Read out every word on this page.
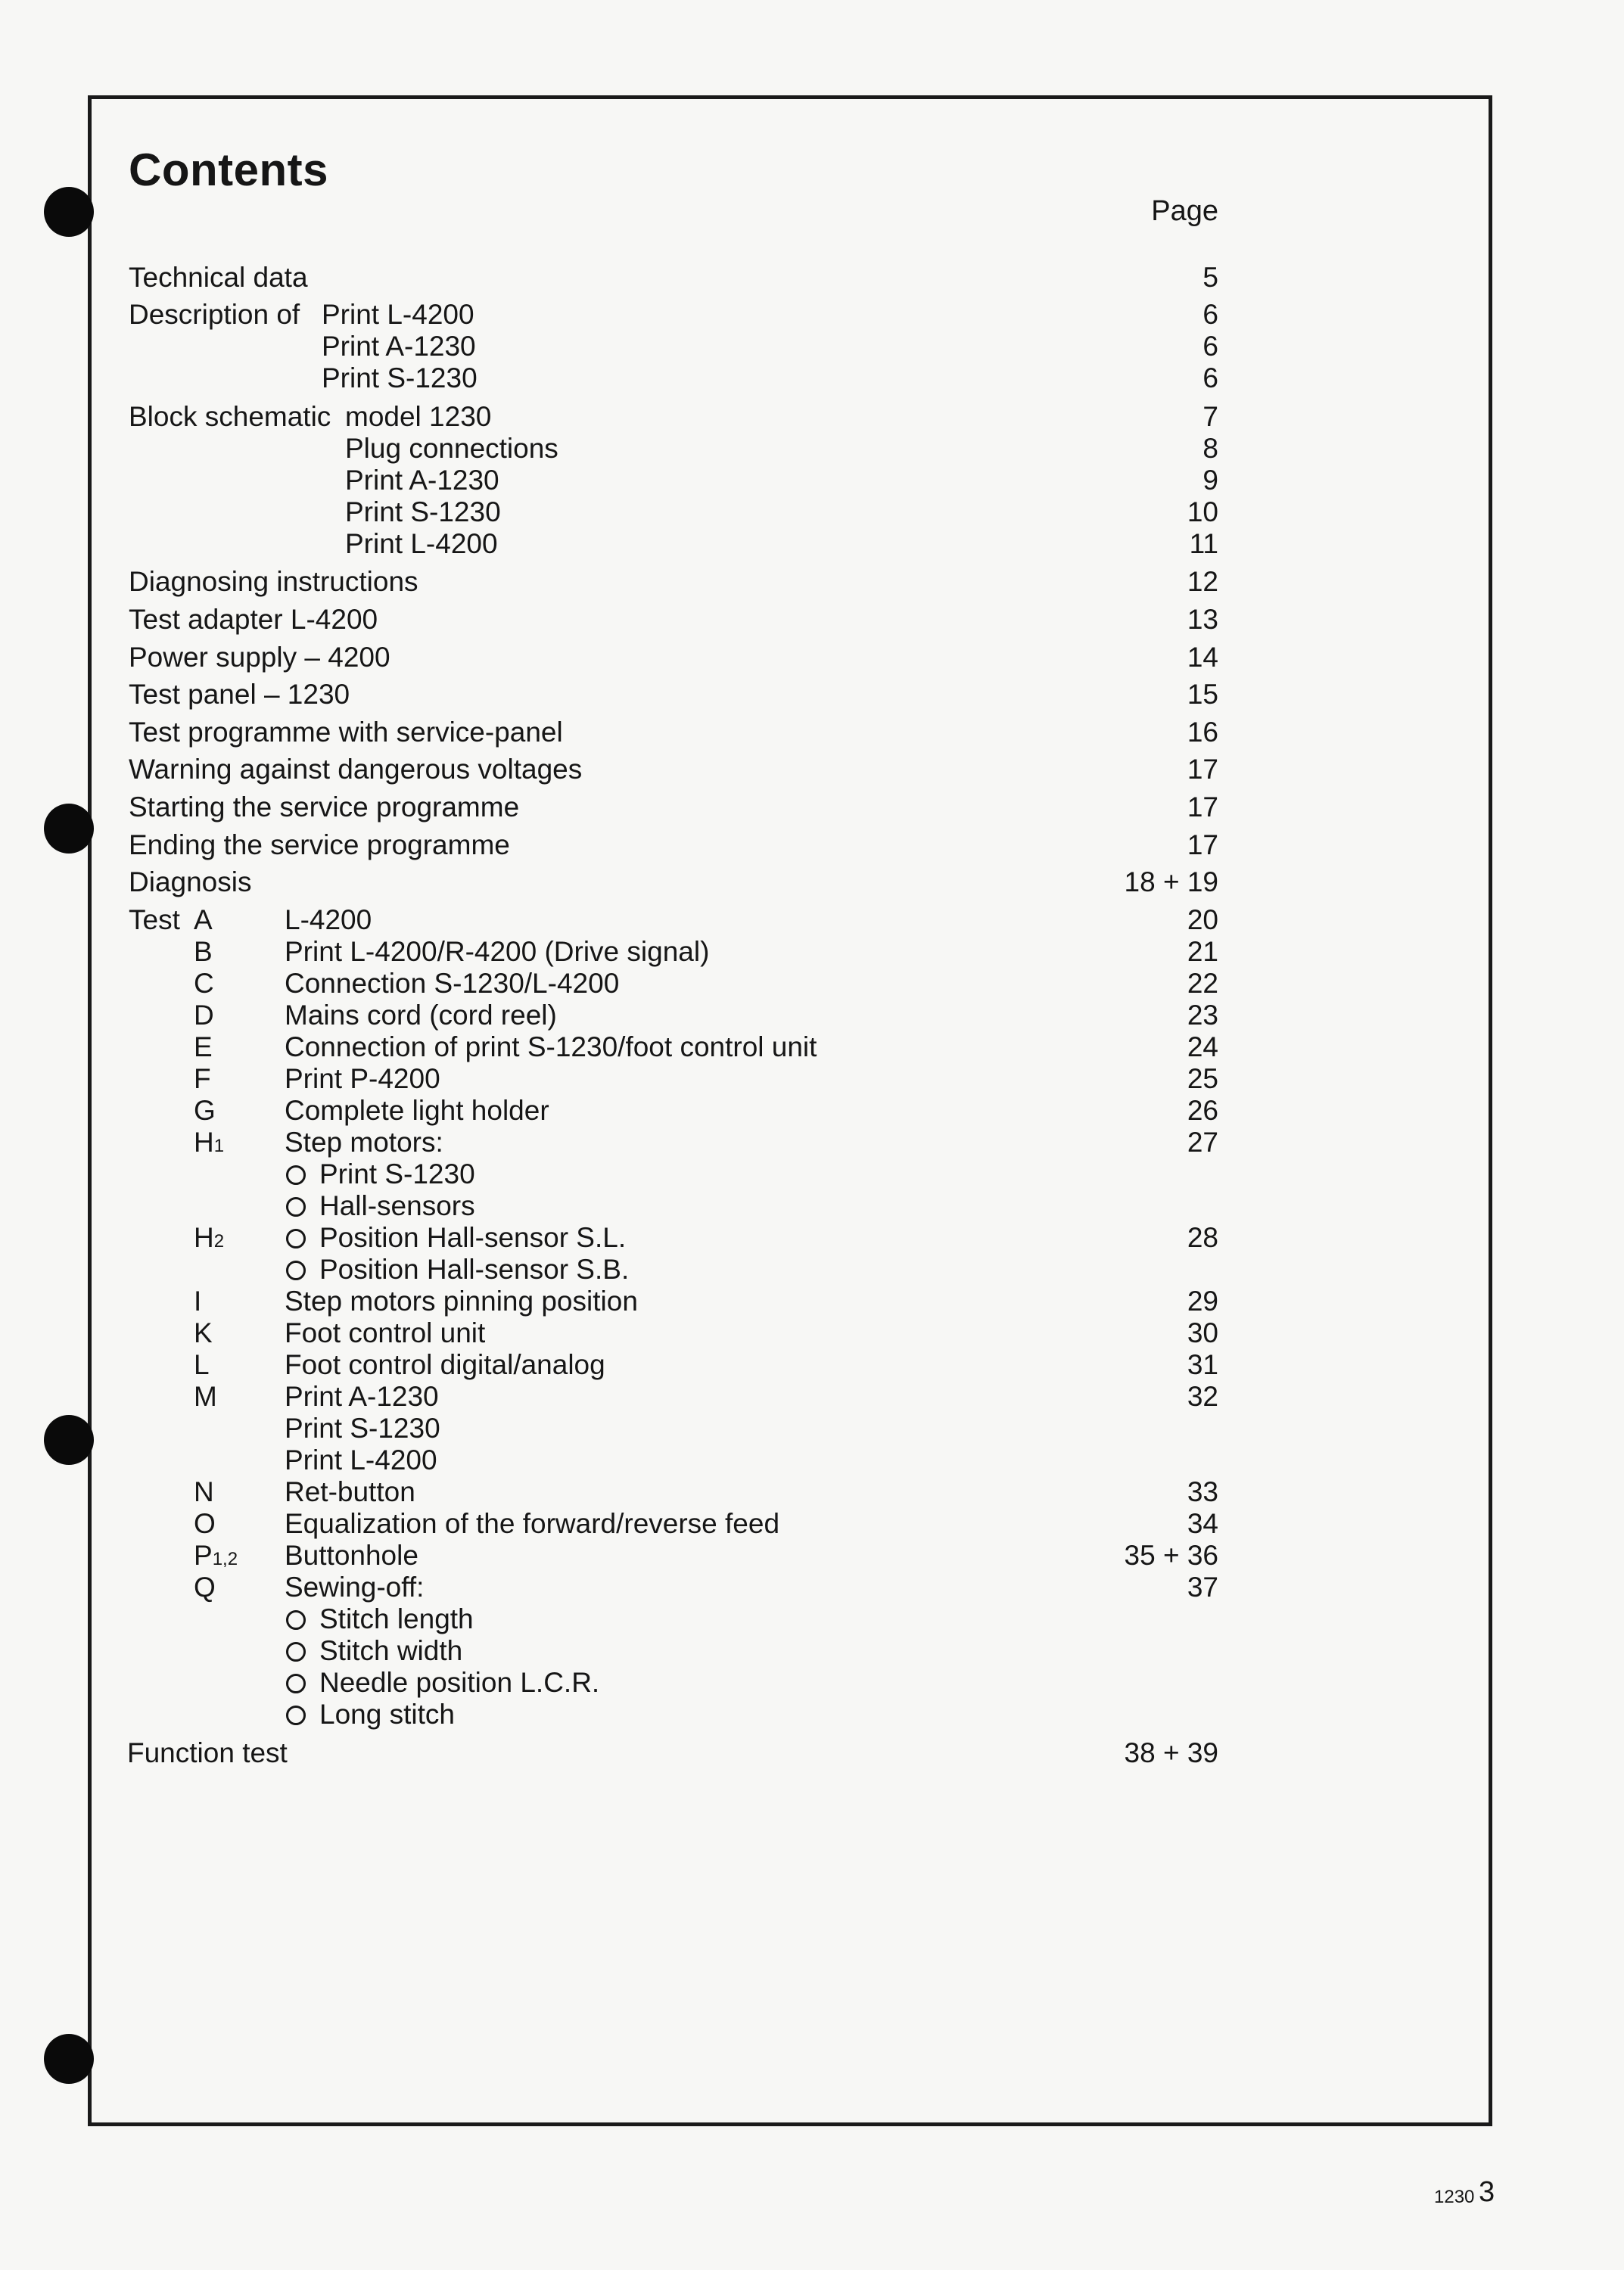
Contents
Page
Technical data	5
Description of Print L-4200	6
Print A-1230	6
Print S-1230	6
Block schematic model 1230	7
Plug connections	8
Print A-1230	9
Print S-1230	10
Print L-4200	11
Diagnosing instructions	12
Test adapter L-4200	13
Power supply – 4200	14
Test panel – 1230	15
Test programme with service-panel	16
Warning against dangerous voltages	17
Starting the service programme	17
Ending the service programme	17
Diagnosis	18 + 19
Test A	L-4200	20
B	Print L-4200/R-4200 (Drive signal)	21
C	Connection S-1230/L-4200	22
D	Mains cord (cord reel)	23
E	Connection of print S-1230/foot control unit	24
F	Print P-4200	25
G Complete light holder	26
H1 Step motors:	27
Print S-1230
Hall-sensors
H2	Position Hall-sensor S.L.	28
Position Hall-sensor S.B.
I	Step motors pinning position	29
K	Foot control unit	30
L	Foot control digital/analog	31
M Print A-1230	32
Print S-1230
Print L-4200
N	Ret-button	33
O Equalization of the forward/reverse feed	34
P1,2 Buttonhole	35 + 36
Q Sewing-off:	37
Stitch length
Stitch width
Needle position L.C.R.
Long stitch
Function test	38 + 39
1230 3
